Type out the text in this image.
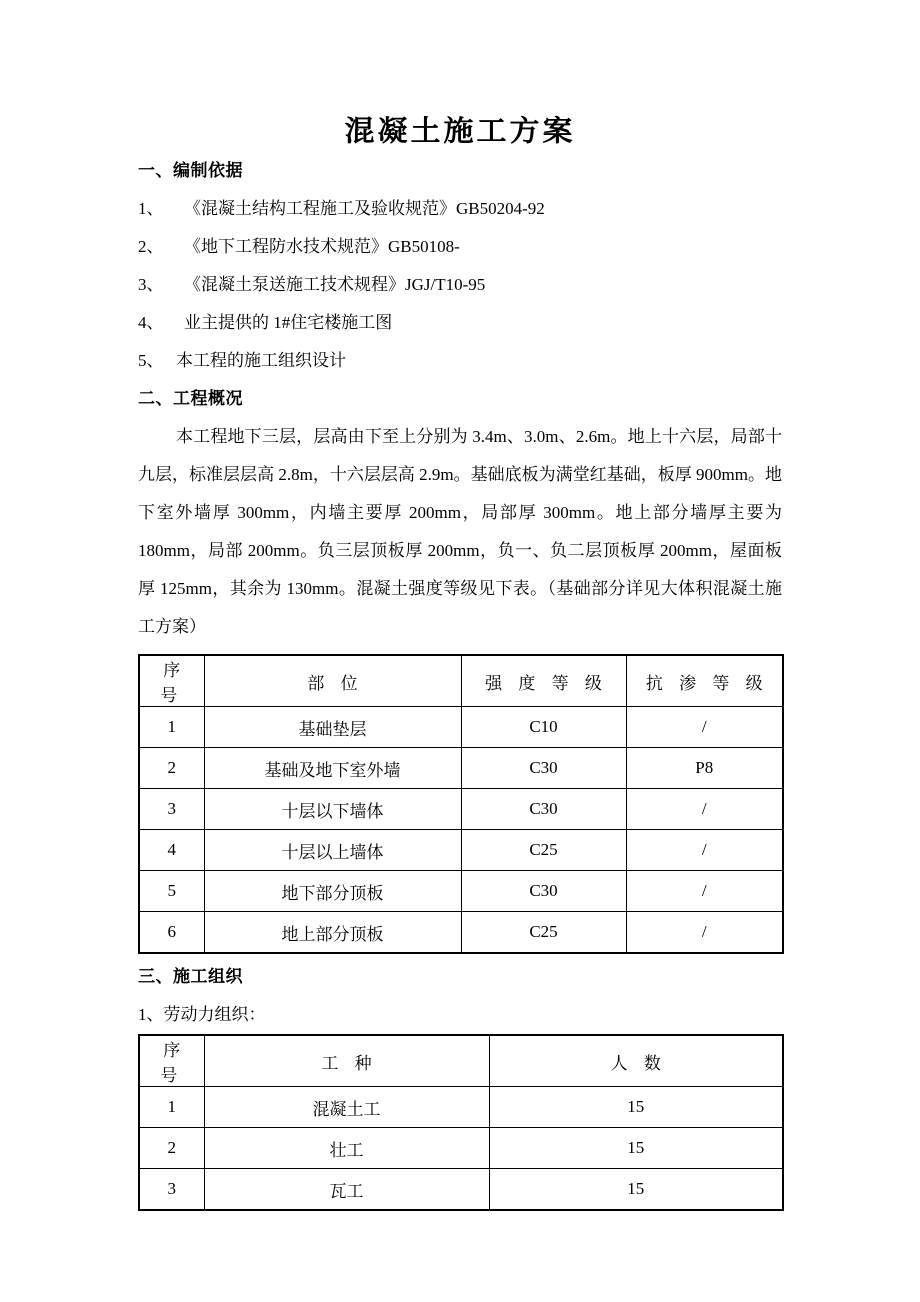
混凝土施工方案
一、编制依据
1、 《混凝土结构工程施工及验收规范》GB50204-92
2、 《地下工程防水技术规范》GB50108-
3、 《混凝土泵送施工技术规程》JGJ/T10-95
4、 业主提供的 1#住宅楼施工图
5、 本工程的施工组织设计
二、工程概况
本工程地下三层，层高由下至上分别为 3.4m、3.0m、2.6m。地上十六层，局部十九层，标准层层高 2.8m，十六层层高 2.9m。基础底板为满堂红基础，板厚 900mm。地下室外墙厚 300mm，内墙主要厚 200mm，局部厚 300mm。地上部分墙厚主要为 180mm，局部 200mm。负三层顶板厚 200mm，负一、负二层顶板厚 200mm，屋面板厚 125mm，其余为 130mm。混凝土强度等级见下表。（基础部分详见大体积混凝土施工方案）
序 号	部 位	强 度 等 级	抗 渗 等 级
1	基础垫层	C10	/
2	基础及地下室外墙	C30	P8
3	十层以下墙体	C30	/
4	十层以上墙体	C25	/
5	地下部分顶板	C30	/
6	地上部分顶板	C25	/
三、施工组织
1、劳动力组织：
序 号	工 种	人 数
1	混凝土工	15
2	壮工	15
3	瓦工	15
